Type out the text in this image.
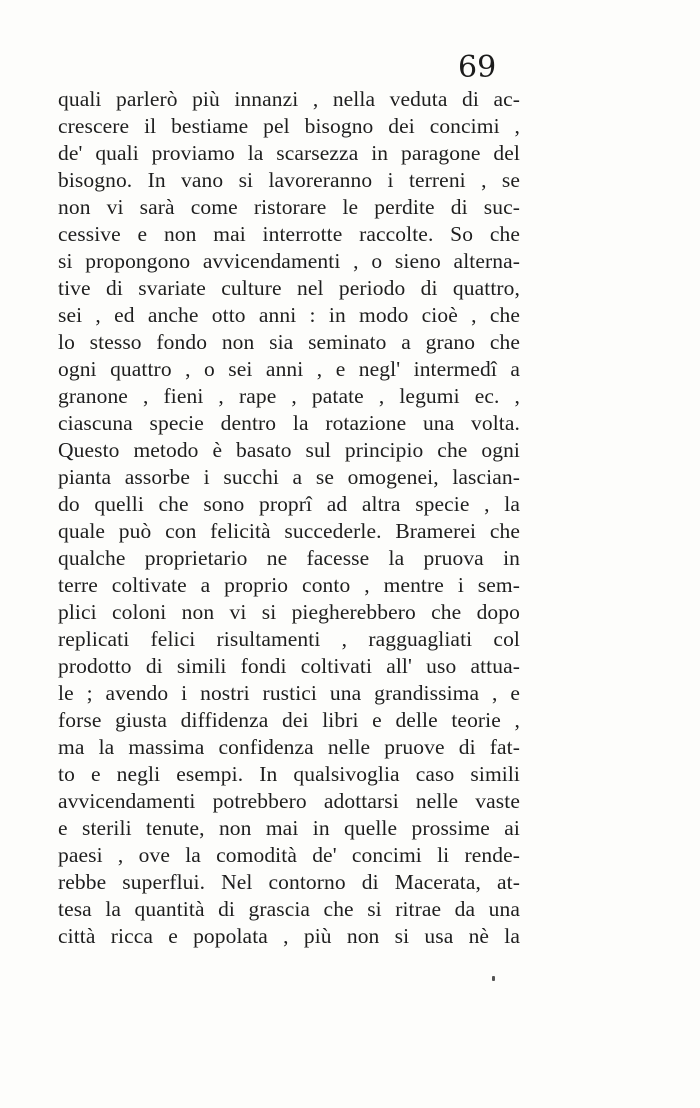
69
quali parlerò più innanzi , nella veduta di ac-
crescere il bestiame pel bisogno dei concimi ,
de' quali proviamo la scarsezza in paragone del
bisogno. In vano si lavoreranno i terreni , se
non vi sarà come ristorare le perdite di suc-
cessive e non mai interrotte raccolte. So che
si propongono avvicendamenti , o sieno alterna-
tive di svariate culture nel periodo di quattro,
sei , ed anche otto anni : in modo cioè , che
lo stesso fondo non sia seminato a grano che
ogni quattro , o sei anni , e negl' intermedî a
granone , fieni , rape , patate , legumi ec. ,
ciascuna specie dentro la rotazione una volta.
Questo metodo è basato sul principio che ogni
pianta assorbe i succhi a se omogenei, lascian-
do quelli che sono proprî ad altra specie , la
quale può con felicità succederle. Bramerei che
qualche proprietario ne facesse la pruova in
terre coltivate a proprio conto , mentre i sem-
plici coloni non vi si piegherebbero che dopo
replicati felici risultamenti , ragguagliati col
prodotto di simili fondi coltivati all' uso attua-
le ; avendo i nostri rustici una grandissima , e
forse giusta diffidenza dei libri e delle teorie ,
ma la massima confidenza nelle pruove di fat-
to e negli esempi. In qualsivoglia caso simili
avvicendamenti potrebbero adottarsi nelle vaste
e sterili tenute, non mai in quelle prossime ai
paesi , ove la comodità de' concimi li rende-
rebbe superflui. Nel contorno di Macerata, at-
tesa la quantità di grascia che si ritrae da una
città ricca e popolata , più non si usa nè la
